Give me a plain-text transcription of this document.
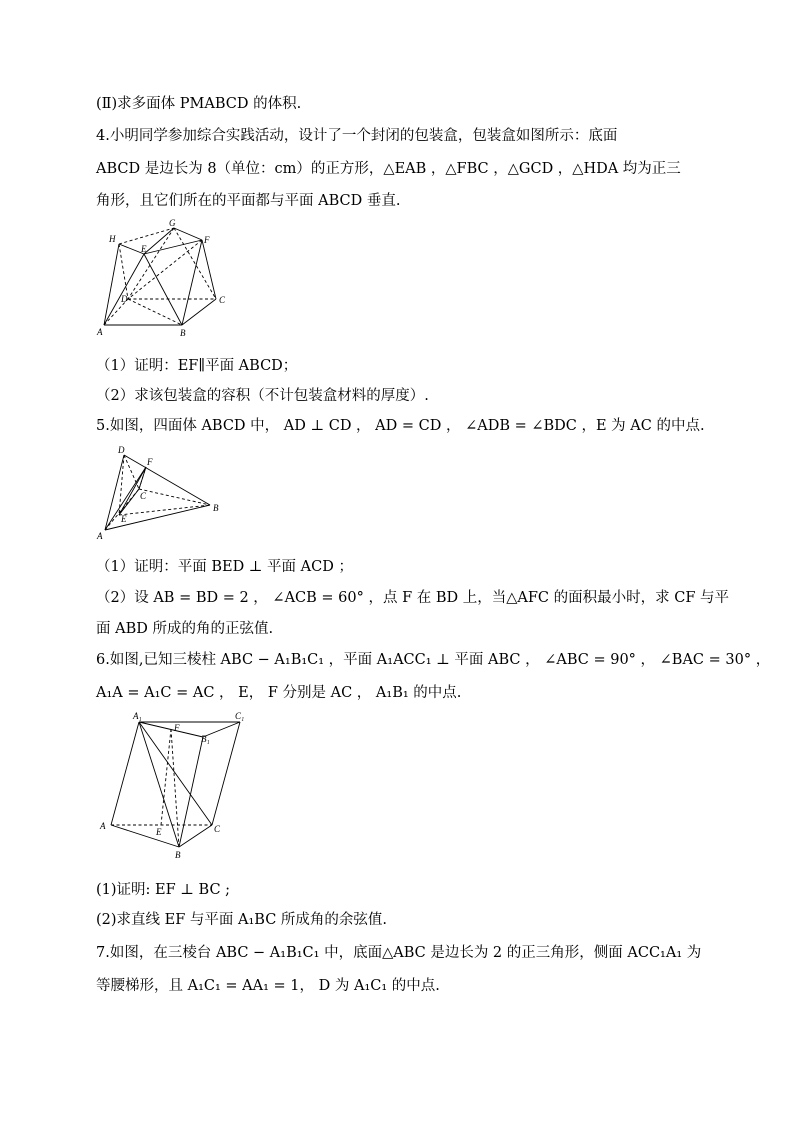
(Ⅱ)求多面体 PMABCD 的体积.
4.小明同学参加综合实践活动，设计了一个封闭的包装盒，包装盒如图所示：底面
ABCD 是边长为 8（单位：cm）的正方形，△EAB ，△FBC ，△GCD ，△HDA 均为正三
角形，且它们所在的平面都与平面 ABCD 垂直.
H
G
F
E
D	C
A	B
（1）证明：EF∥平面 ABCD；
（2）求该包装盒的容积（不计包装盒材料的厚度）.
5.如图，四面体 ABCD 中， AD ⊥ CD ， AD = CD ， ∠ADB = ∠BDC ，E 为 AC 的中点.
D
F
C
B
E
A
（1）证明：平面 BED ⊥ 平面 ACD ；
（2）设 AB = BD = 2 ， ∠ACB = 60° ，点 F 在 BD 上，当△AFC 的面积最小时，求 CF 与平
面 ABD 所成的角的正弦值.
6.如图,已知三棱柱 ABC − A₁B₁C₁ ，平面 A₁ACC₁ ⊥ 平面 ABC ， ∠ABC = 90° ， ∠BAC = 30° ，
A₁A = A₁C = AC ， E， F 分别是 AC ， A₁B₁ 的中点.
A₁
F
B₁
C₁
A
E	C
B
(1)证明: EF ⊥ BC ;
(2)求直线 EF 与平面 A₁BC 所成角的余弦值.
7.如图，在三棱台 ABC − A₁B₁C₁ 中，底面△ABC 是边长为 2 的正三角形，侧面 ACC₁A₁ 为
等腰梯形，且 A₁C₁ = AA₁ = 1， D 为 A₁C₁ 的中点.
